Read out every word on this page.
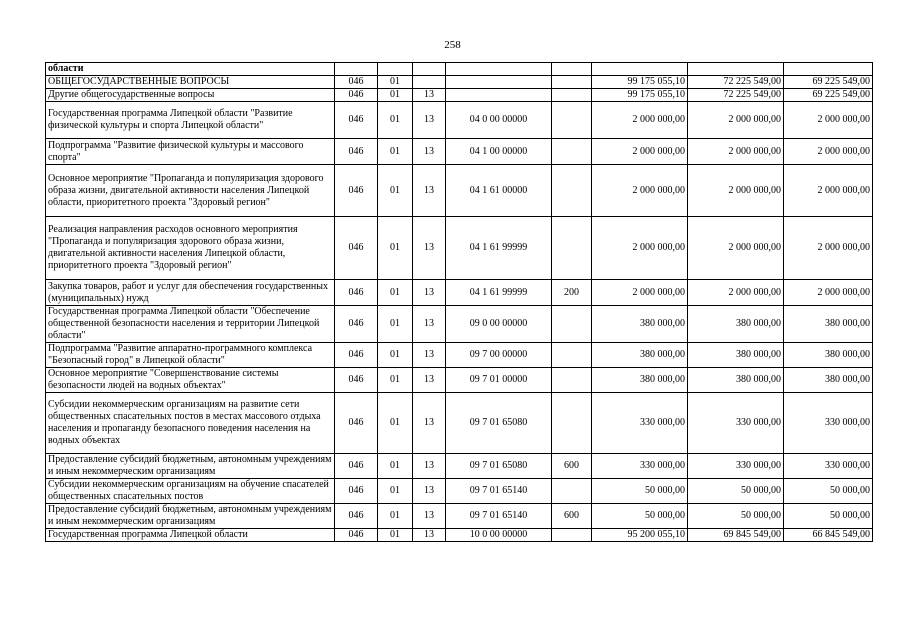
258
области								
ОБЩЕГОСУДАРСТВЕННЫЕ ВОПРОСЫ	046	01				99 175 055,10	72 225 549,00	69 225 549,00
Другие общегосударственные вопросы	046	01	13			99 175 055,10	72 225 549,00	69 225 549,00
Государственная программа Липецкой области "Развитие физической культуры и спорта Липецкой области"	046	01	13	04 0 00 00000		2 000 000,00	2 000 000,00	2 000 000,00
Подпрограмма "Развитие физической культуры и массового спорта"	046	01	13	04 1 00 00000		2 000 000,00	2 000 000,00	2 000 000,00
Основное мероприятие "Пропаганда и популяризация здорового образа жизни, двигательной активности населения Липецкой области, приоритетного проекта "Здоровый регион"	046	01	13	04 1 61 00000		2 000 000,00	2 000 000,00	2 000 000,00
Реализация направления расходов основного мероприятия "Пропаганда и популяризация здорового образа жизни, двигательной активности населения Липецкой области, приоритетного проекта "Здоровый регион"	046	01	13	04 1 61 99999		2 000 000,00	2 000 000,00	2 000 000,00
Закупка товаров, работ и услуг для обеспечения государственных (муниципальных) нужд	046	01	13	04 1 61 99999	200	2 000 000,00	2 000 000,00	2 000 000,00
Государственная программа Липецкой области "Обеспечение общественной безопасности населения и территории Липецкой области"	046	01	13	09 0 00 00000		380 000,00	380 000,00	380 000,00
Подпрограмма "Развитие аппаратно-программного комплекса "Безопасный город" в Липецкой области"	046	01	13	09 7 00 00000		380 000,00	380 000,00	380 000,00
Основное мероприятие "Совершенствование системы безопасности людей на водных объектах"	046	01	13	09 7 01 00000		380 000,00	380 000,00	380 000,00
Субсидии некоммерческим организациям на развитие сети общественных спасательных постов в местах массового отдыха населения и пропаганду безопасного поведения населения на водных объектах	046	01	13	09 7 01 65080		330 000,00	330 000,00	330 000,00
Предоставление субсидий бюджетным, автономным учреждениям и иным некоммерческим организациям	046	01	13	09 7 01 65080	600	330 000,00	330 000,00	330 000,00
Субсидии некоммерческим организациям на обучение спасателей общественных спасательных постов	046	01	13	09 7 01 65140		50 000,00	50 000,00	50 000,00
Предоставление субсидий бюджетным, автономным учреждениям и иным некоммерческим организациям	046	01	13	09 7 01 65140	600	50 000,00	50 000,00	50 000,00
Государственная программа Липецкой области	046	01	13	10 0 00 00000		95 200 055,10	69 845 549,00	66 845 549,00
